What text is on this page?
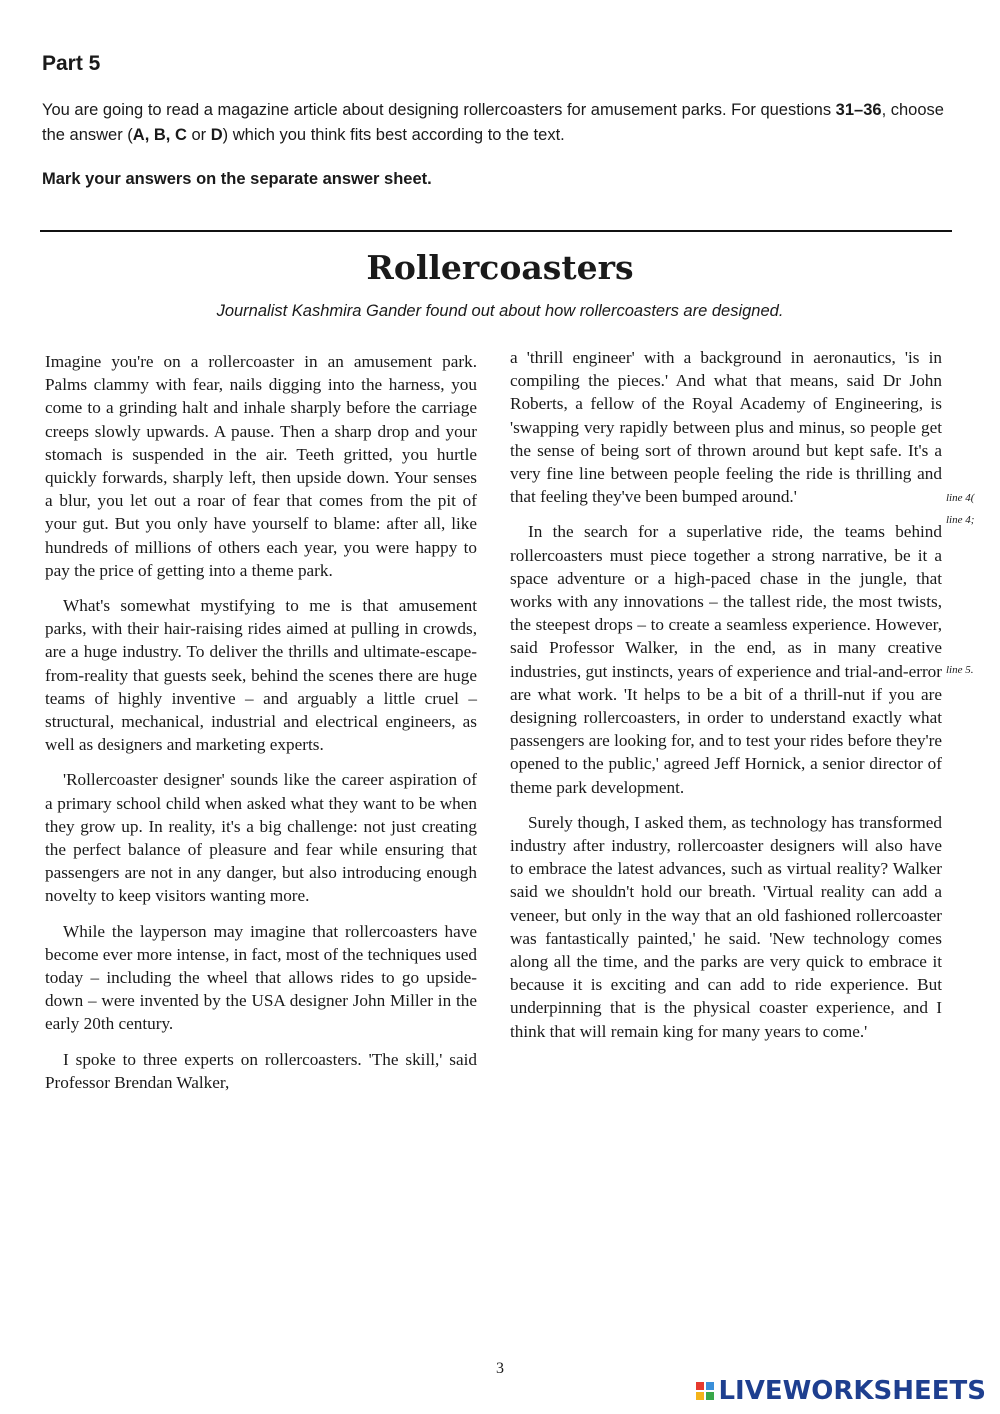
Part 5

You are going to read a magazine article about designing rollercoasters for amusement parks. For questions 31–36, choose the answer (A, B, C or D) which you think fits best according to the text.

Mark your answers on the separate answer sheet.

Rollercoasters

Journalist Kashmira Gander found out about how rollercoasters are designed.

Imagine you're on a rollercoaster in an amusement park. Palms clammy with fear, nails digging into the harness, you come to a grinding halt and inhale sharply before the carriage creeps slowly upwards. A pause. Then a sharp drop and your stomach is suspended in the air. Teeth gritted, you hurtle quickly forwards, sharply left, then upside down. Your senses a blur, you let out a roar of fear that comes from the pit of your gut. But you only have yourself to blame: after all, like hundreds of millions of others each year, you were happy to pay the price of getting into a theme park.

What's somewhat mystifying to me is that amusement parks, with their hair-raising rides aimed at pulling in crowds, are a huge industry. To deliver the thrills and ultimate-escape-from-reality that guests seek, behind the scenes there are huge teams of highly inventive – and arguably a little cruel – structural, mechanical, industrial and electrical engineers, as well as designers and marketing experts.

'Rollercoaster designer' sounds like the career aspiration of a primary school child when asked what they want to be when they grow up. In reality, it's a big challenge: not just creating the perfect balance of pleasure and fear while ensuring that passengers are not in any danger, but also introducing enough novelty to keep visitors wanting more.

While the layperson may imagine that rollercoasters have become ever more intense, in fact, most of the techniques used today – including the wheel that allows rides to go upside-down – were invented by the USA designer John Miller in the early 20th century.

I spoke to three experts on rollercoasters. 'The skill,' said Professor Brendan Walker,

a 'thrill engineer' with a background in aeronautics, 'is in compiling the pieces.' And what that means, said Dr John Roberts, a fellow of the Royal Academy of Engineering, is 'swapping very rapidly between plus and minus, so people get the sense of being sort of thrown around but kept safe. It's a very fine line between people feeling the ride is thrilling and that feeling they've been bumped around.'

In the search for a superlative ride, the teams behind rollercoasters must piece together a strong narrative, be it a space adventure or a high-paced chase in the jungle, that works with any innovations – the tallest ride, the most twists, the steepest drops – to create a seamless experience. However, said Professor Walker, in the end, as in many creative industries, gut instincts, years of experience and trial-and-error are what work. 'It helps to be a bit of a thrill-nut if you are designing rollercoasters, in order to understand exactly what passengers are looking for, and to test your rides before they're opened to the public,' agreed Jeff Hornick, a senior director of theme park development.

Surely though, I asked them, as technology has transformed industry after industry, rollercoaster designers will also have to embrace the latest advances, such as virtual reality? Walker said we shouldn't hold our breath. 'Virtual reality can add a veneer, but only in the way that an old fashioned rollercoaster was fantastically painted,' he said. 'New technology comes along all the time, and the parks are very quick to embrace it because it is exciting and can add to ride experience. But underpinning that is the physical coaster experience, and I think that will remain king for many years to come.'

line 4(
line 4;
line 5.
3
LIVEWORKSHEETS
